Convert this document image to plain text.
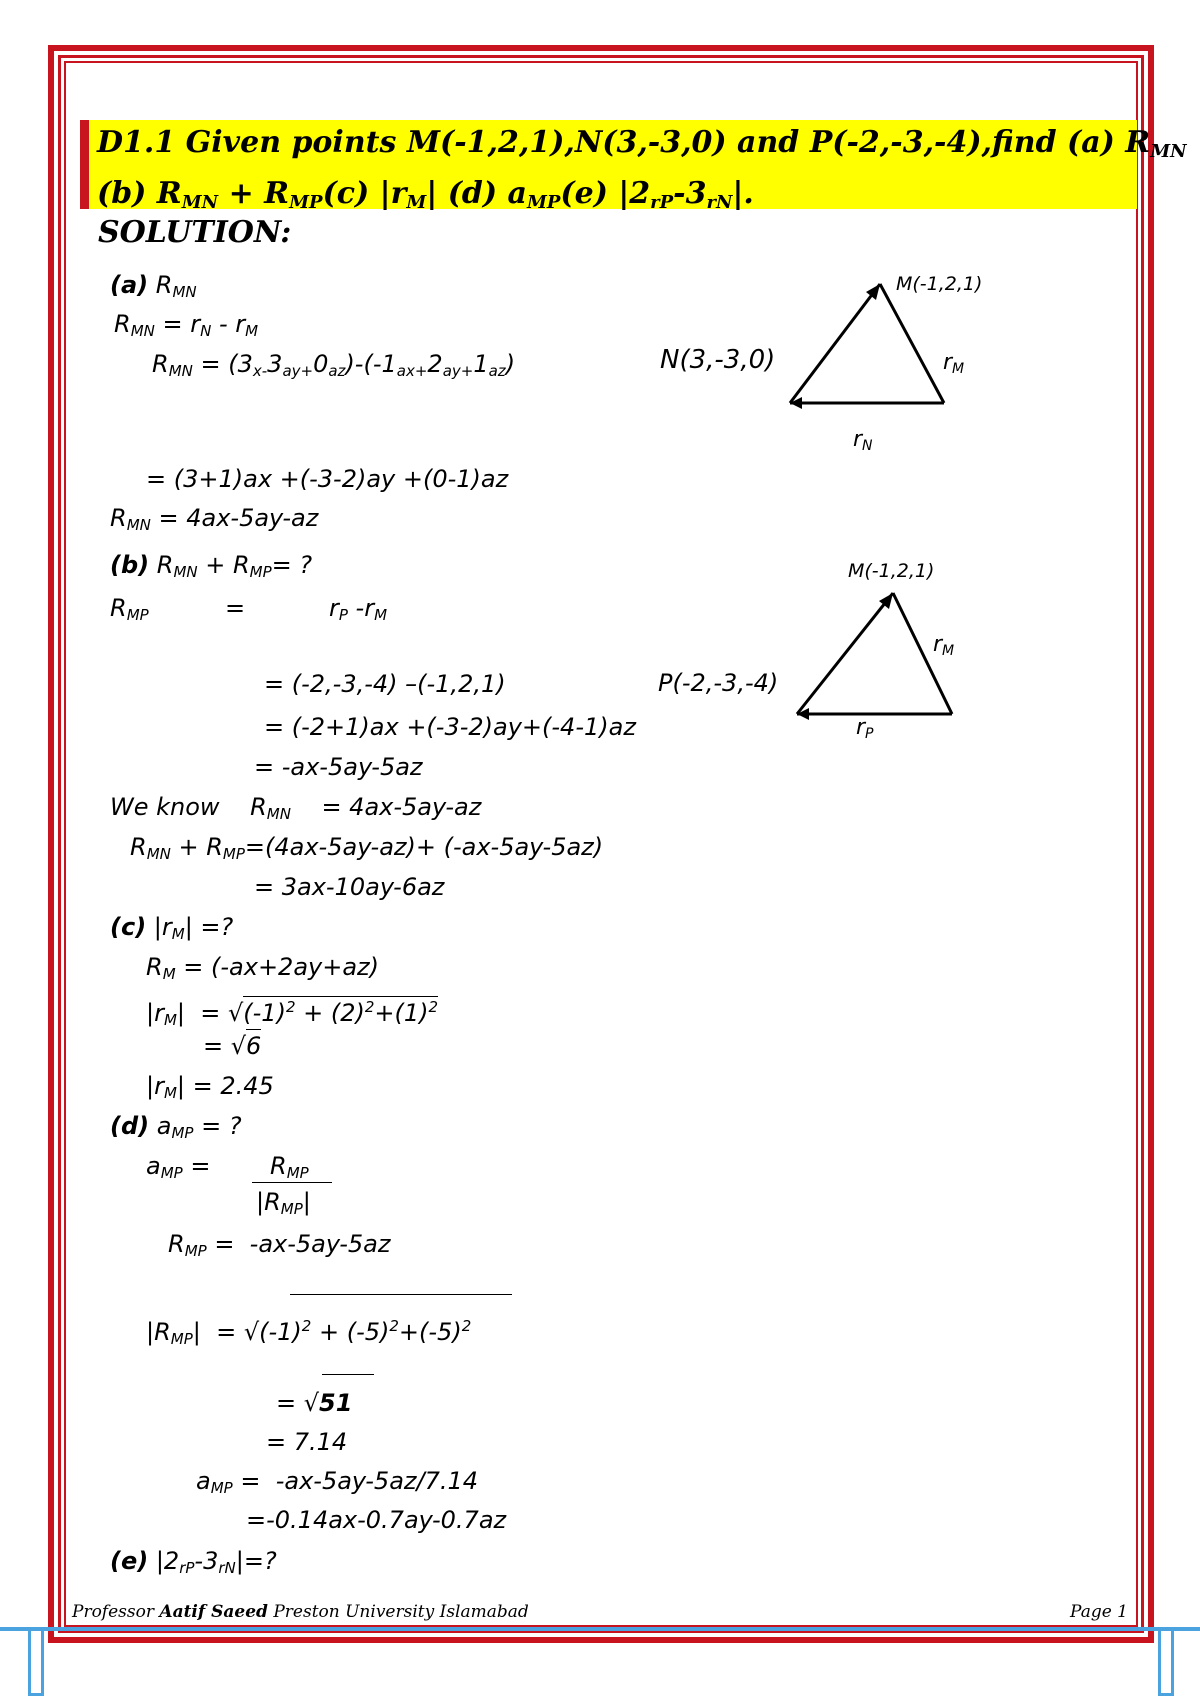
D1.1 Given points M(-1,2,1),N(3,-3,0) and P(-2,-3,-4),find (a) $R_{MN}$
(b) $R_{MN} + R_{MP}(c)$ $|r_M|$ (d) $a_{MP}(e)$ $|2_{rP}-3_{rN}|$.
SOLUTION:
(a) $R_{MN}$
$R_{MN} = r_N - r_M$
$R_{MN} = (3_{x-}3_{ay+}0_{az})-(-1_{ax+}2_{ay+}1_{az})$
= (3+1)ax +(-3-2)ay +(0-1)az
$R_{MN} = 4ax-5ay-az$
M(-1,2,1)
N(3,-3,0)	$r_M$
$r_N$
(b) $R_{MN} + R_{MP}=$ ?
$R_{MP}$          =           $r_P$ $-r_M$
= (-2,-3,-4) –(-1,2,1)
= (-2+1)ax +(-3-2)ay+(-4-1)az
= -ax-5ay-5az
We know    $R_{MN}$    = 4ax-5ay-az
$R_{MN} + R_{MP}=(4ax-5ay-az)+ (-ax-5ay-5az)$
= 3ax-10ay-6az
M(-1,2,1)
P(-2,-3,-4)
$r_M$
$r_P$
(c) $|r_M|$ =?
$R_M = (-ax+2ay+az)$
$|r_M| = √(-1)^2 + (2)^2+(1)^2$
= √6
$|r_M| = 2.45$
(d) $a_{MP}$ = ?
$a_{MP} = R_{MP}$
$|R_{MP}|$
$R_{MP} = -ax-5ay-5az$
$|R_{MP}| = √(-1)^2 + (-5)^2+(-5)^2$
= √51
= 7.14
$a_{MP} = -ax-5ay-5az/7.14$
=-0.14ax-0.7ay-0.7az
(e) $|2_{rP}-3_{rN}|=$?
Professor Aatif Saeed Preston University Islamabad	Page 1
